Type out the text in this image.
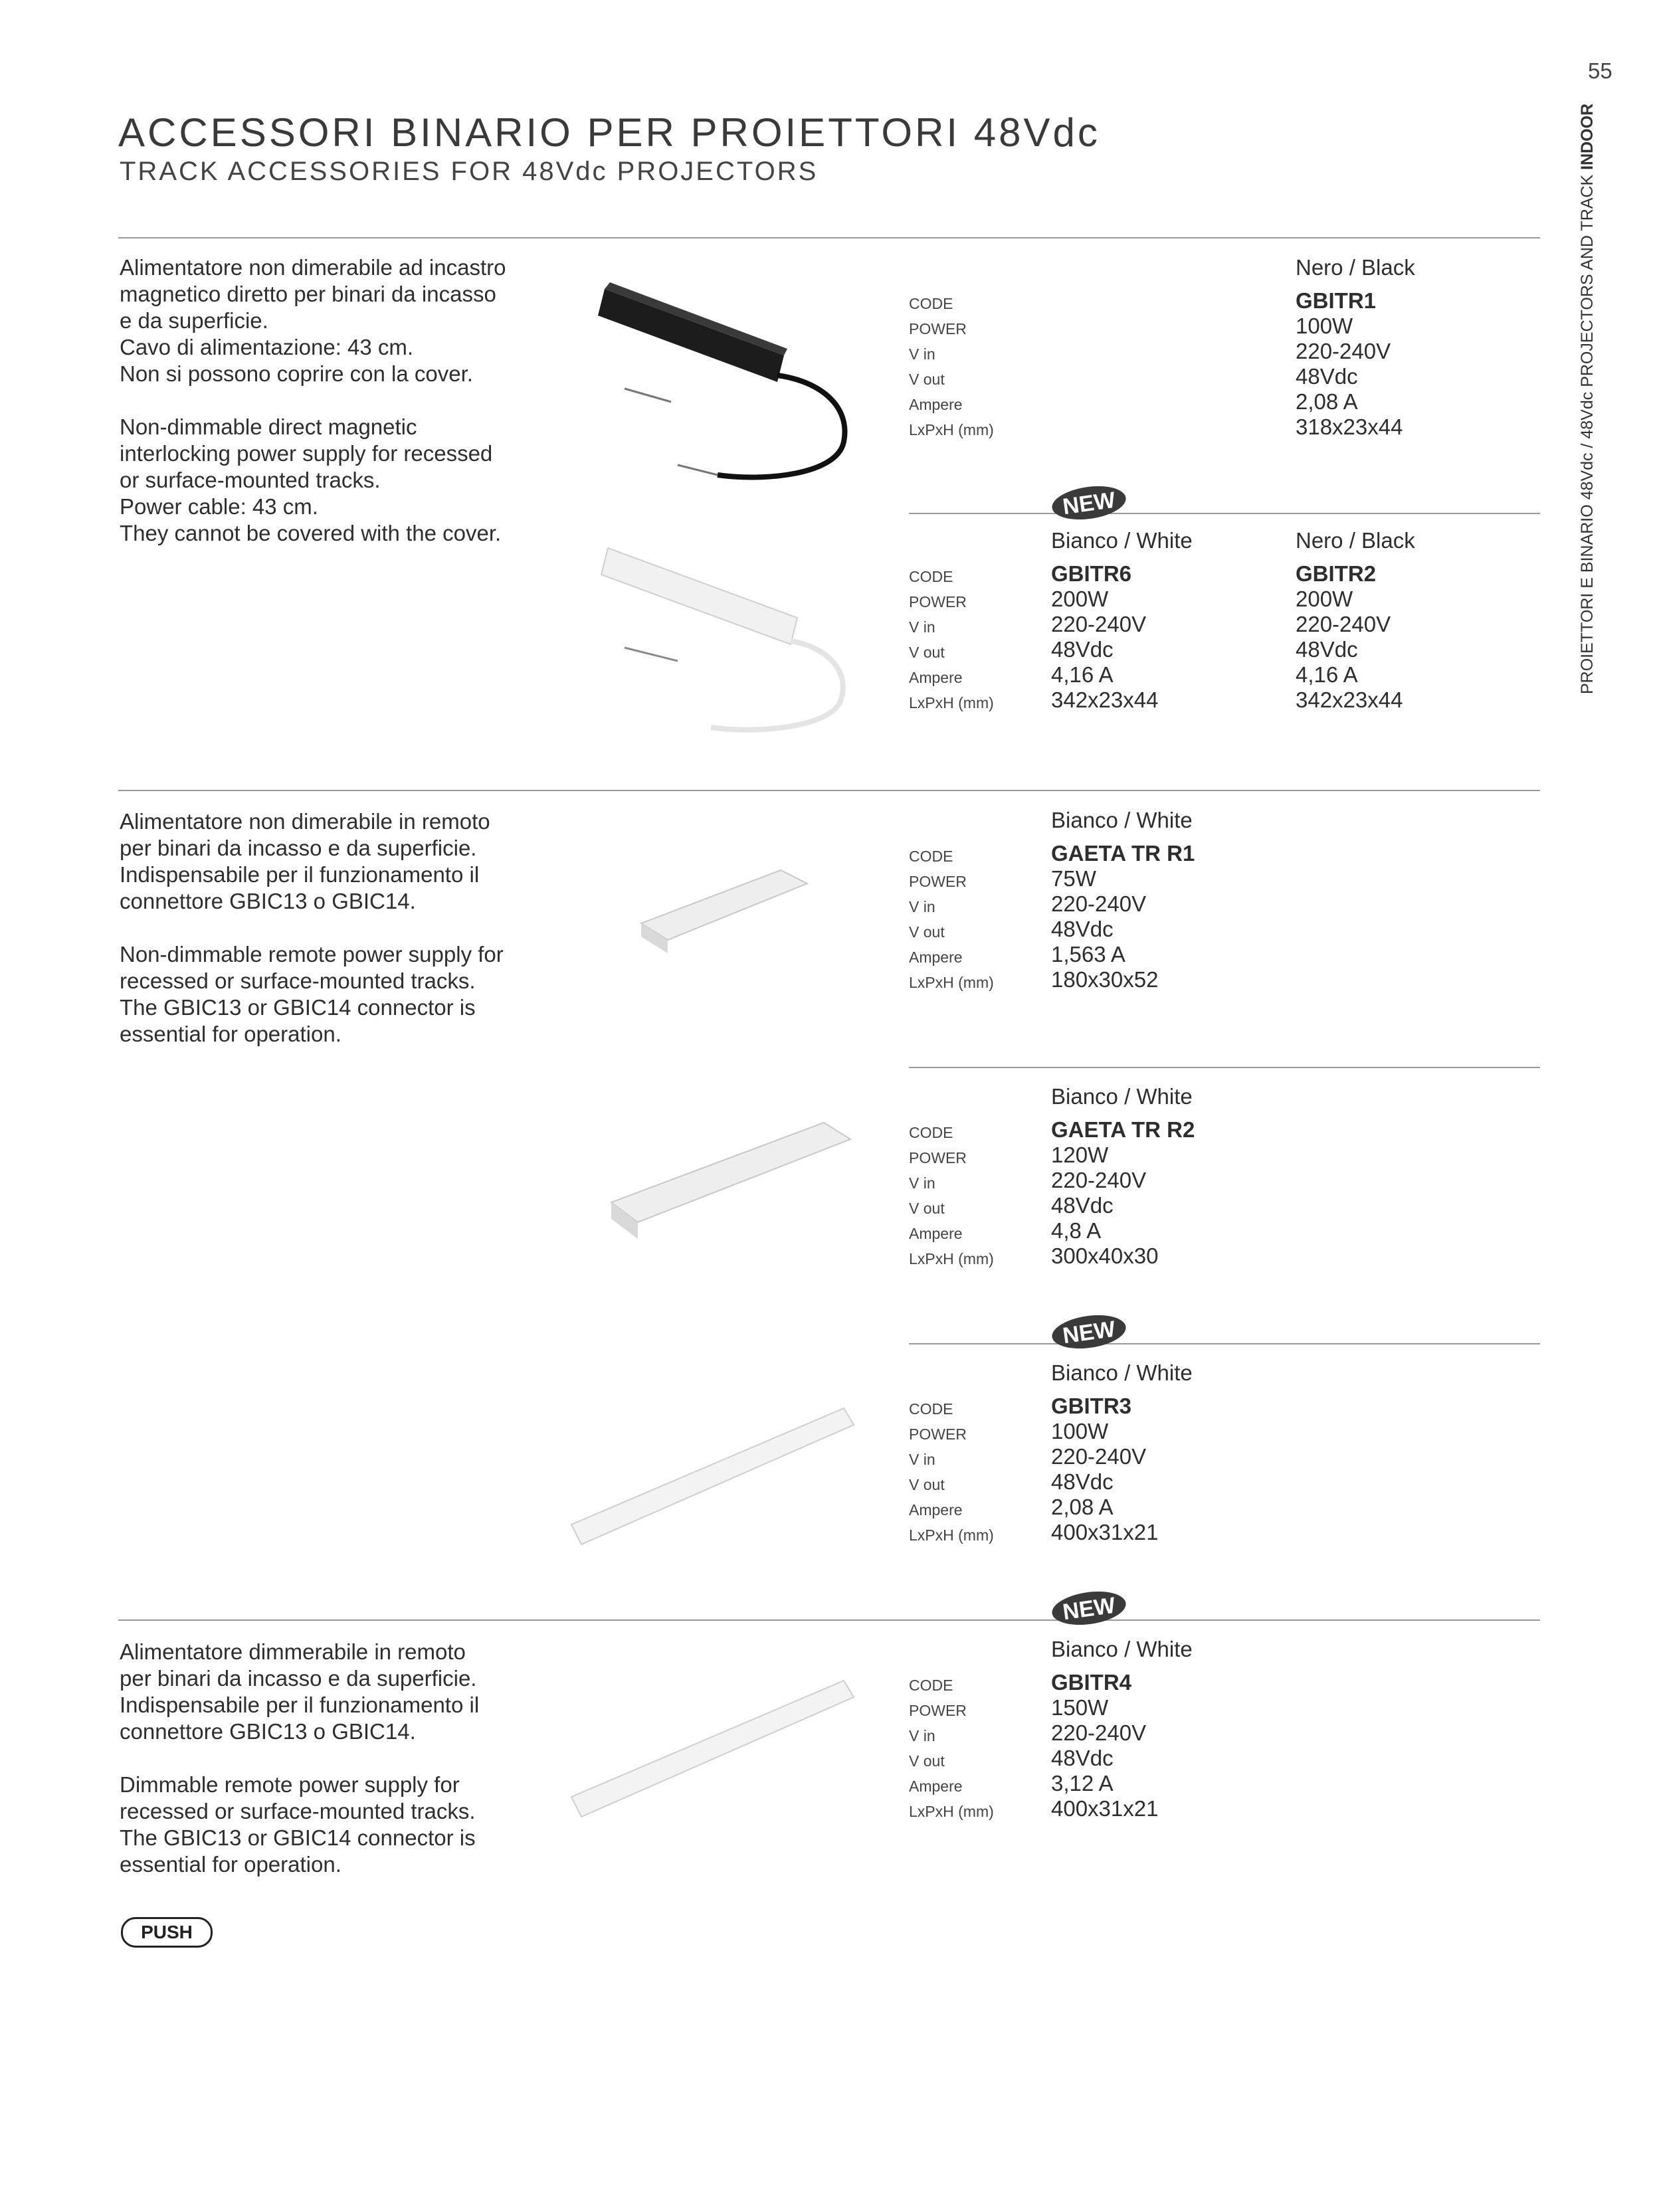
55
ACCESSORI BINARIO PER PROIETTORI 48Vdc
TRACK ACCESSORIES FOR 48Vdc PROJECTORS	PROIETTORI E BINARIO 48Vdc / 48Vdc PROJECTORS AND TRACK INDOOR

Alimentatore non dimerabile ad incastro

magnetico diretto per binari da incasso

e da superficie.

Cavo di alimentazione: 43 cm.

Non si possono coprire con la cover.

Non-dimmable direct magnetic

interlocking power supply for recessed

or surface-mounted tracks.

Power cable: 43 cm.

They cannot be covered with the cover.

Alimentatore non dimerabile in remoto

per binari da incasso e da superficie.

Indispensabile per il funzionamento il

connettore GBIC13 o GBIC14.

Non-dimmable remote power supply for

recessed or surface-mounted tracks.

The GBIC13 or GBIC14 connector is

essential for operation.

Alimentatore dimmerabile in remoto

per binari da incasso e da superficie.

Indispensabile per il funzionamento il

connettore GBIC13 o GBIC14.

Dimmable remote power supply for

recessed or surface-mounted tracks.

The GBIC13 or GBIC14 connector is

essential for operation.

PUSH
NEW
NEW
NEW
CODE
POWER
V in
V out
Ampere
LxPxH (mm)
Nero / Black
GBITR1
100W
220-240V
48Vdc
2,08 A
318x23x44
CODE
POWER
V in
V out
Ampere
LxPxH (mm)
Bianco / White
GBITR6
200W
220-240V
48Vdc
4,16 A
342x23x44
Nero / Black
GBITR2
200W
220-240V
48Vdc
4,16 A
342x23x44
CODE
POWER
V in
V out
Ampere
LxPxH (mm)
Bianco / White
GAETA TR R1
75W
220-240V
48Vdc
1,563 A
180x30x52
CODE
POWER
V in
V out
Ampere
LxPxH (mm)
Bianco / White
GAETA TR R2
120W
220-240V
48Vdc
4,8 A
300x40x30
CODE
POWER
V in
V out
Ampere
LxPxH (mm)
Bianco / White
GBITR3
100W
220-240V
48Vdc
2,08 A
400x31x21
CODE
POWER
V in
V out
Ampere
LxPxH (mm)
Bianco / White
GBITR4
150W
220-240V
48Vdc
3,12 A
400x31x21
